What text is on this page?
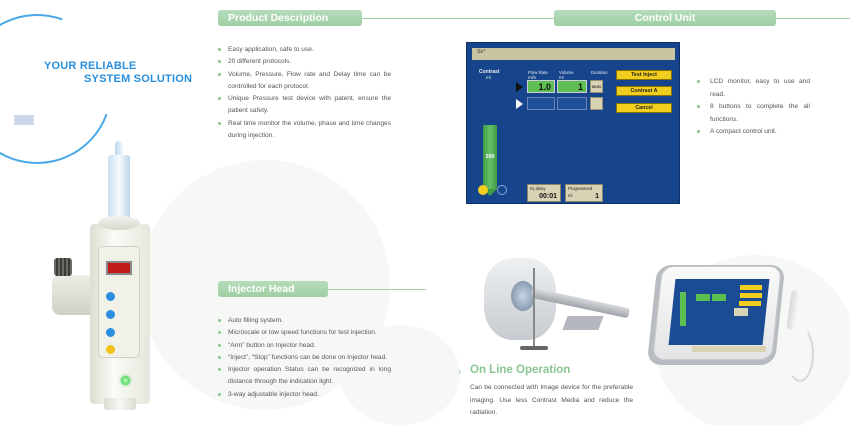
YOUR RELIABLE
SYSTEM SOLUTION
Product Description
Easy application, safe to use.
20 different protocols.
Volume, Pressure, Flow rate and Delay time can be controlled for each protocol.
Unique Pressure test device with patent, ensure the patient safety.
Real time monitor the volume, phase and time changes during injection.
Control Unit
Sc°
Contrast
ml
260
Flow Rate
ml/s
Volume
ml
Duration
1.0	1 00:01
Test Inject
Contrast A
Cancel
Inj delay
00:01
Programmed
ml	1
LCD monitor, easy to use and read.
8 buttons to complete the all functions.
A compact control unit.
Injector Head
Auto filling system.
Microscale or low speed functions for test injection.
“Arm” button on Injector head.
“Inject”, “Stop” functions can be done on Injector head.
Injector operation Status can be recognized in long distance through the indication light.
3-way adjustable injector head.
› On Line Operation
Can be connected with Image device for the preferable imaging. Use less Contrast Media and reduce the radiation.
